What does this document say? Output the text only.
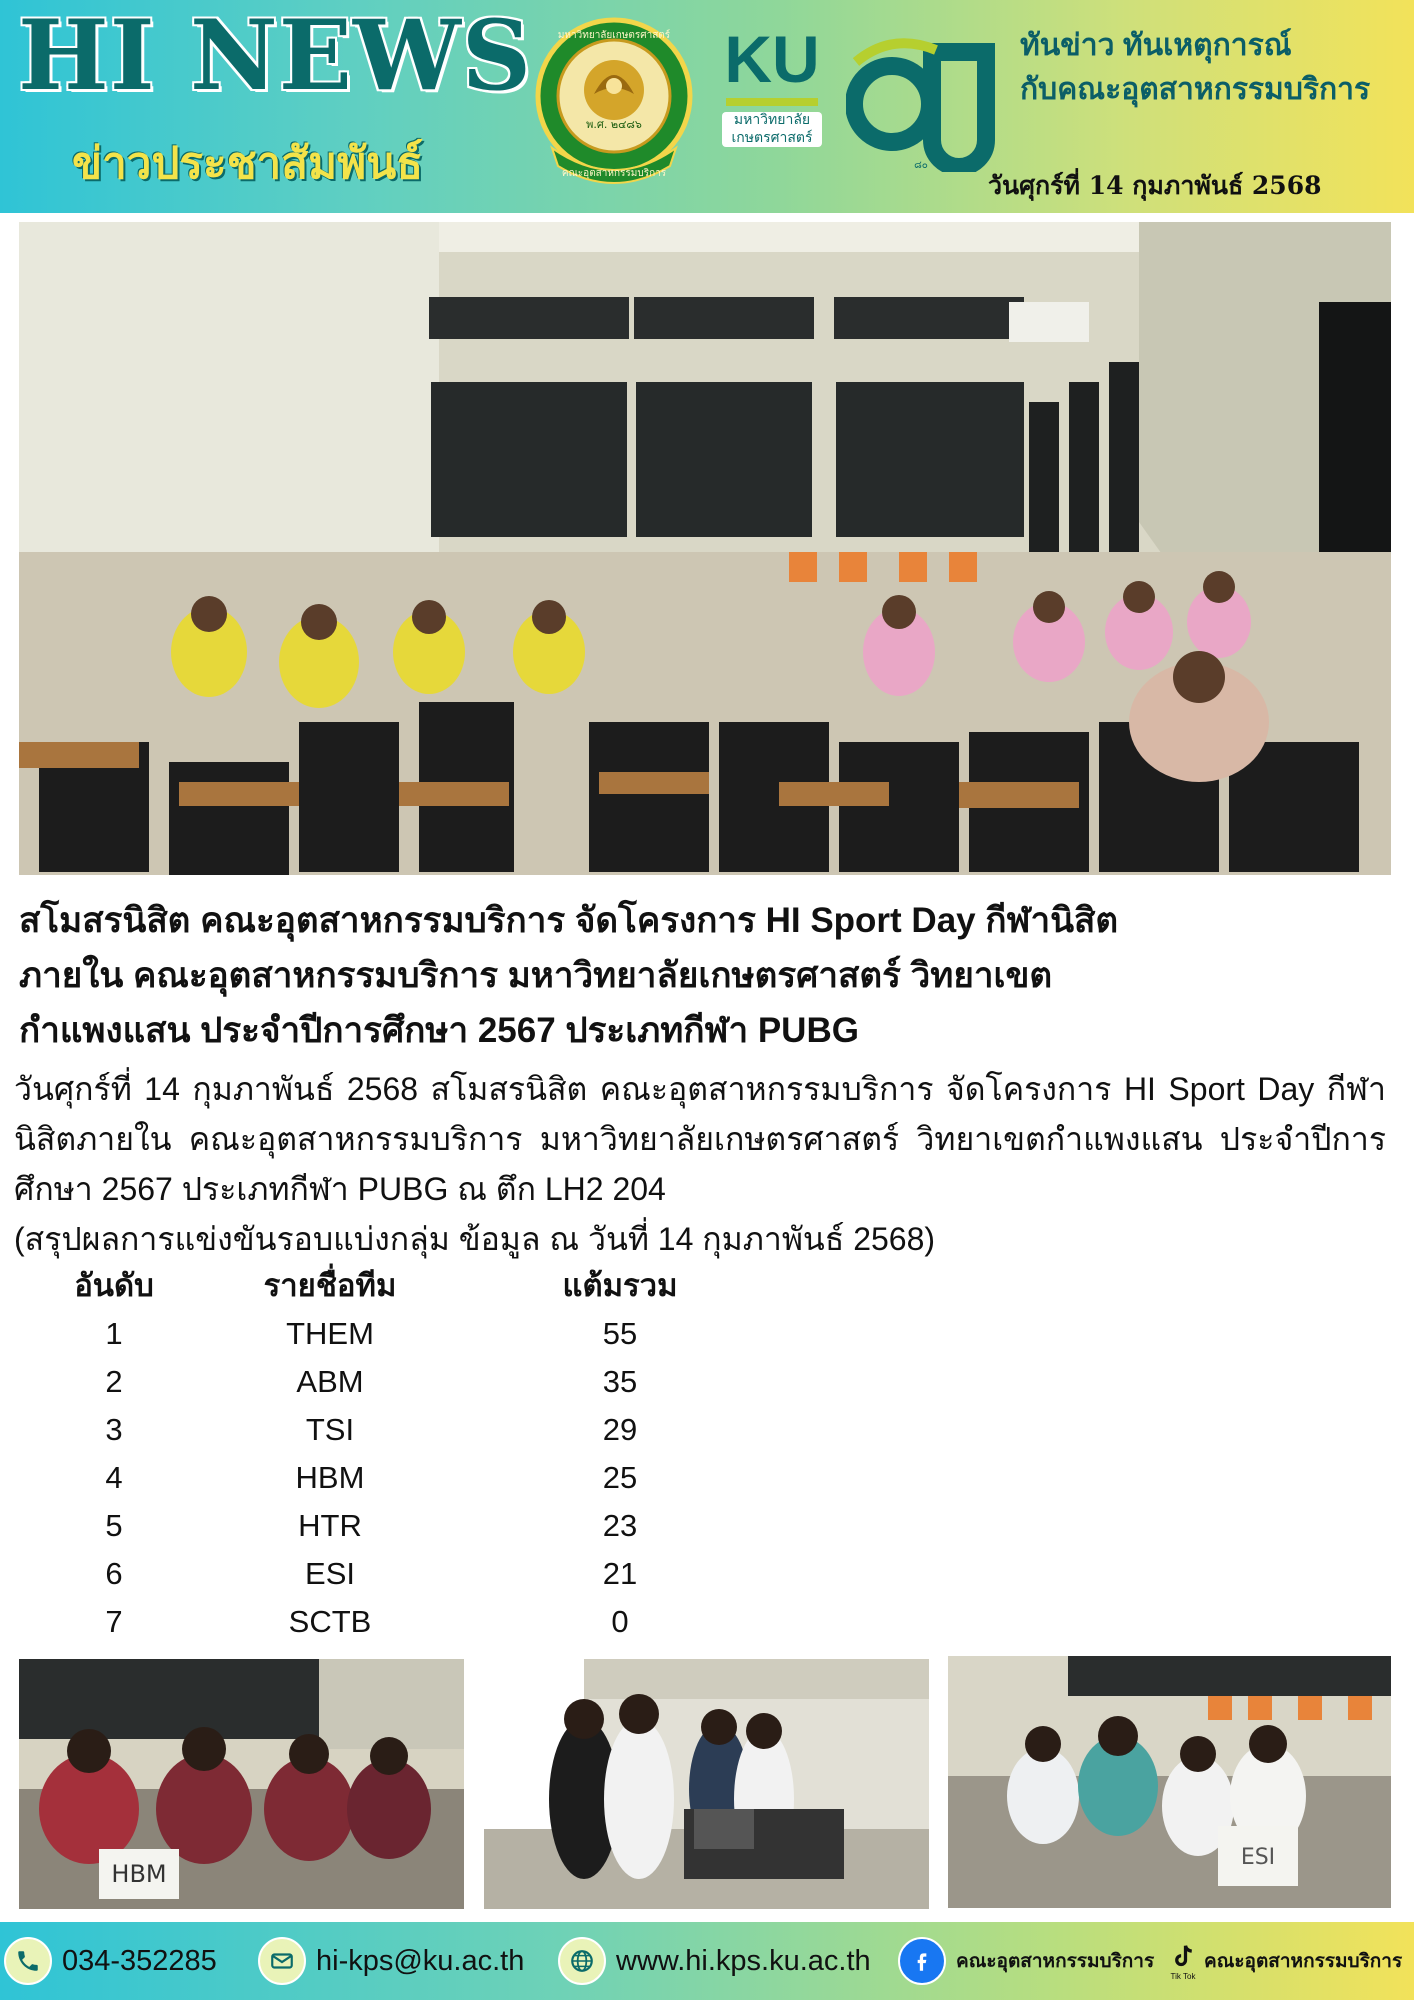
HI NEWS
ข่าวประชาสัมพันธ์
พ.ศ. ๒๔๘๖
มหาวิทยาลัยเกษตรศาสตร์
คณะอุตสาหกรรมบริการ
KU
มหาวิทยาลัยเกษตรศาสตร์
๘๐
ทันข่าว ทันเหตุการณ์
กับคณะอุตสาหกรรมบริการ
วันศุกร์ที่ 14 กุมภาพันธ์ 2568
สโมสรนิสิต คณะอุตสาหกรรมบริการ จัดโครงการ HI Sport Day กีฬานิสิต
ภายใน คณะอุตสาหกรรมบริการ มหาวิทยาลัยเกษตรศาสตร์ วิทยาเขต
กำแพงแสน ประจำปีการศึกษา 2567 ประเภทกีฬา PUBG
วันศุกร์ที่ 14 กุมภาพันธ์ 2568 สโมสรนิสิต คณะอุตสาหกรรมบริการ จัดโครงการ HI Sport Day กีฬานิสิตภายใน คณะอุตสาหกรรมบริการ มหาวิทยาลัยเกษตรศาสตร์ วิทยาเขตกำแพงแสน ประจำปีการศึกษา 2567 ประเภทกีฬา PUBG ณ ตึก LH2 204
(สรุปผลการแข่งขันรอบแบ่งกลุ่ม ข้อมูล ณ วันที่ 14 กุมภาพันธ์ 2568)
อันดับ	รายชื่อทีม	แต้มรวม
1	THEM	55
2	ABM	35
3	TSI	29
4	HBM	25
5	HTR	23
6	ESI	21
7	SCTB	0
HBM
ESI
034-352285	hi-kps@ku.ac.th	www.hi.kps.ku.ac.th	คณะอุตสาหกรรมบริการ
Tik Tok
คณะอุตสาหกรรมบริการ
